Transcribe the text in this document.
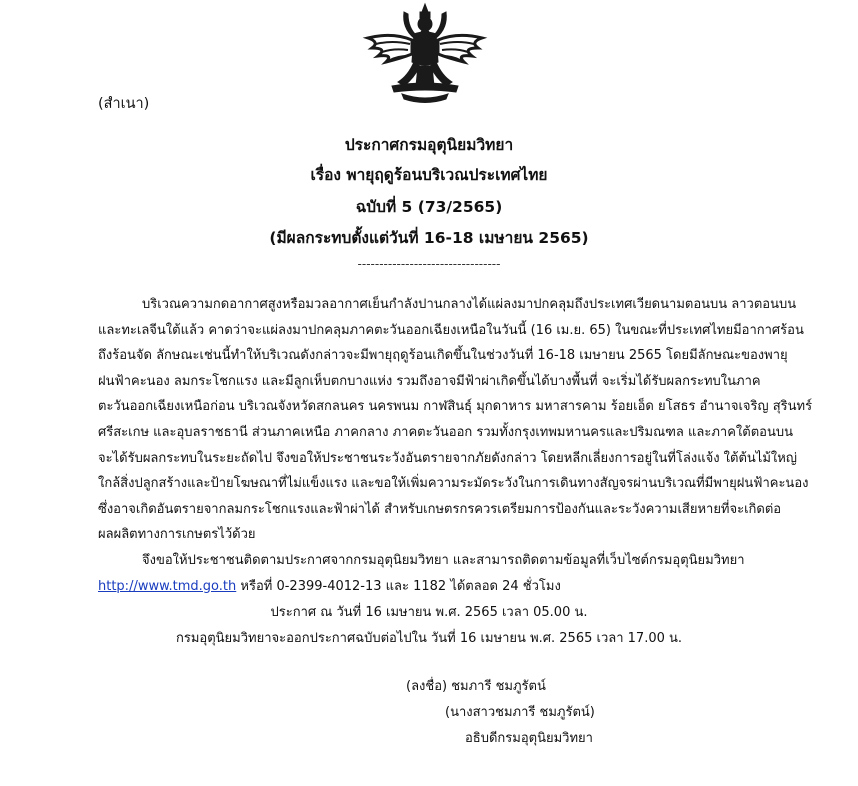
(สำเนา)
ประกาศกรมอุตุนิยมวิทยา
เรื่อง พายุฤดูร้อนบริเวณประเทศไทย
ฉบับที่ 5 (73/2565)
(มีผลกระทบตั้งแต่วันที่ 16-18 เมษายน 2565)
---------------------------------
บริเวณความกดอากาศสูงหรือมวลอากาศเย็นกำลังปานกลางได้แผ่ลงมาปกคลุมถึงประเทศเวียดนามตอนบน ลาวตอนบน
และทะเลจีนใต้แล้ว คาดว่าจะแผ่ลงมาปกคลุมภาคตะวันออกเฉียงเหนือในวันนี้ (16 เม.ย. 65) ในขณะที่ประเทศไทยมีอากาศร้อน
ถึงร้อนจัด ลักษณะเช่นนี้ทำให้บริเวณดังกล่าวจะมีพายุฤดูร้อนเกิดขึ้นในช่วงวันที่ 16-18 เมษายน 2565 โดยมีลักษณะของพายุ
ฝนฟ้าคะนอง ลมกระโชกแรง และมีลูกเห็บตกบางแห่ง รวมถึงอาจมีฟ้าผ่าเกิดขึ้นได้บางพื้นที่ จะเริ่มได้รับผลกระทบในภาค
ตะวันออกเฉียงเหนือก่อน บริเวณจังหวัดสกลนคร นครพนม กาฬสินธุ์ มุกดาหาร มหาสารคาม ร้อยเอ็ด ยโสธร อำนาจเจริญ สุรินทร์
ศรีสะเกษ และอุบลราชธานี ส่วนภาคเหนือ ภาคกลาง ภาคตะวันออก รวมทั้งกรุงเทพมหานครและปริมณฑล และภาคใต้ตอนบน
จะได้รับผลกระทบในระยะถัดไป จึงขอให้ประชาชนระวังอันตรายจากภัยดังกล่าว โดยหลีกเลี่ยงการอยู่ในที่โล่งแจ้ง ใต้ต้นไม้ใหญ่
ใกล้สิ่งปลูกสร้างและป้ายโฆษณาที่ไม่แข็งแรง และขอให้เพิ่มความระมัดระวังในการเดินทางสัญจรผ่านบริเวณที่มีพายุฝนฟ้าคะนอง
ซึ่งอาจเกิดอันตรายจากลมกระโชกแรงและฟ้าผ่าได้ สำหรับเกษตรกรควรเตรียมการป้องกันและระวังความเสียหายที่จะเกิดต่อ
ผลผลิตทางการเกษตรไว้ด้วย
จึงขอให้ประชาชนติดตามประกาศจากกรมอุตุนิยมวิทยา และสามารถติดตามข้อมูลที่เว็บไซต์กรมอุตุนิยมวิทยา
http://www.tmd.go.th หรือที่ 0-2399-4012-13 และ 1182 ได้ตลอด 24 ชั่วโมง
ประกาศ ณ วันที่ 16 เมษายน พ.ศ. 2565 เวลา 05.00 น.
กรมอุตุนิยมวิทยาจะออกประกาศฉบับต่อไปใน วันที่ 16 เมษายน พ.ศ. 2565 เวลา 17.00 น.
(ลงชื่อ) ชมภารี ชมภูรัตน์
(นางสาวชมภารี ชมภูรัตน์)
อธิบดีกรมอุตุนิยมวิทยา
